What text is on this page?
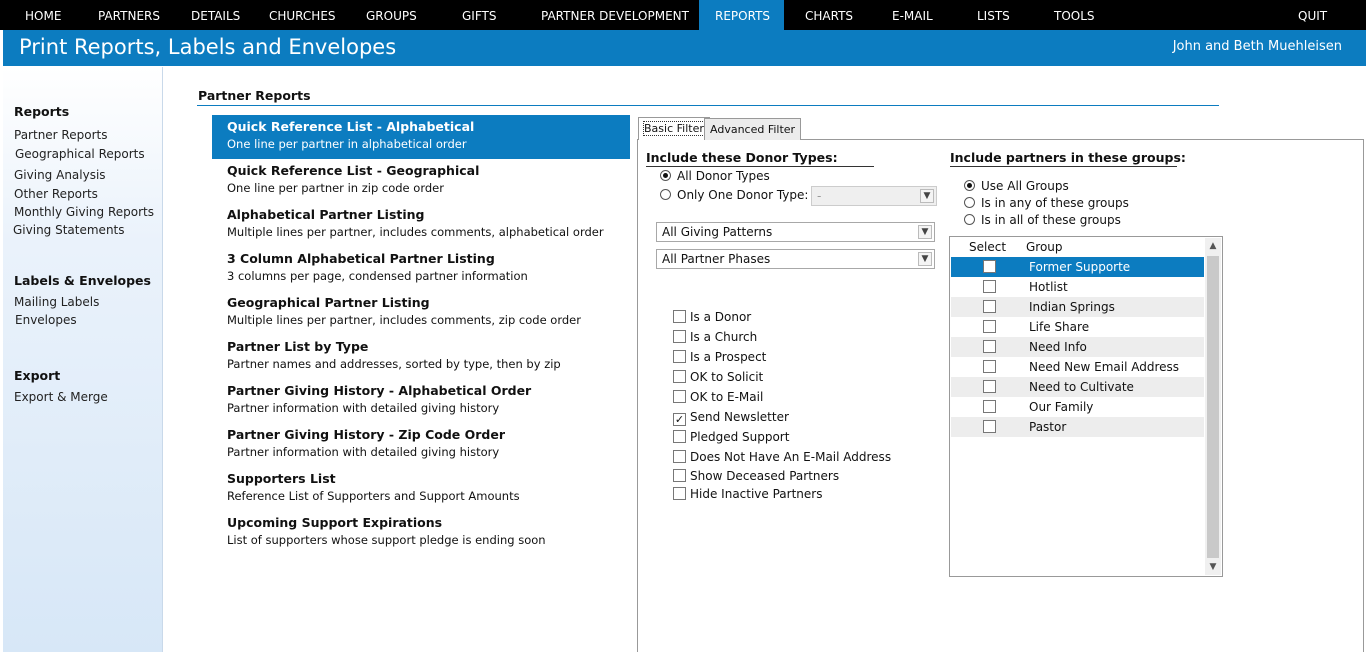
HOME	PARTNERS	DETAILS CHURCHES	GROUPS	GIFTS	PARTNER DEVELOPMENT	REPORTS	CHARTS	E-MAIL	LISTS	TOOLS	QUIT
Print Reports, Labels and Envelopes	John and Beth Muehleisen
Reports
Partner Reports
Geographical Reports
Giving Analysis
Other Reports
Monthly Giving Reports
Giving Statements
Labels & Envelopes
Mailing Labels
Envelopes
Export
Export & Merge
Partner Reports
Quick Reference List - Alphabetical
One line per partner in alphabetical order
Quick Reference List - Geographical
One line per partner in zip code order
Alphabetical Partner Listing
Multiple lines per partner, includes comments, alphabetical order
3 Column Alphabetical Partner Listing
3 columns per page, condensed partner information
Geographical Partner Listing
Multiple lines per partner, includes comments, zip code order
Partner List by Type
Partner names and addresses, sorted by type, then by zip
Partner Giving History - Alphabetical Order
Partner information with detailed giving history
Partner Giving History - Zip Code Order
Partner information with detailed giving history
Supporters List
Reference List of Supporters and Support Amounts
Upcoming Support Expirations
List of supporters whose support pledge is ending soon
Basic Filter Advanced Filter
Include these Donor Types:
All Donor Types
Only One Donor Type: -	▼
All Giving Patterns	▼
All Partner Phases	▼
Is a Donor
Is a Church
Is a Prospect
OK to Solicit
OK to E-Mail
✓ Send Newsletter
Pledged Support
Does Not Have An E-Mail Address
Show Deceased Partners
Hide Inactive Partners
Include partners in these groups:
Use All Groups
Is in any of these groups
Is in all of these groups
Select Group
Former Supporte
Hotlist
Indian Springs
Life Share
Need Info
Need New Email Address
Need to Cultivate
Our Family
Pastor
▲
▼
